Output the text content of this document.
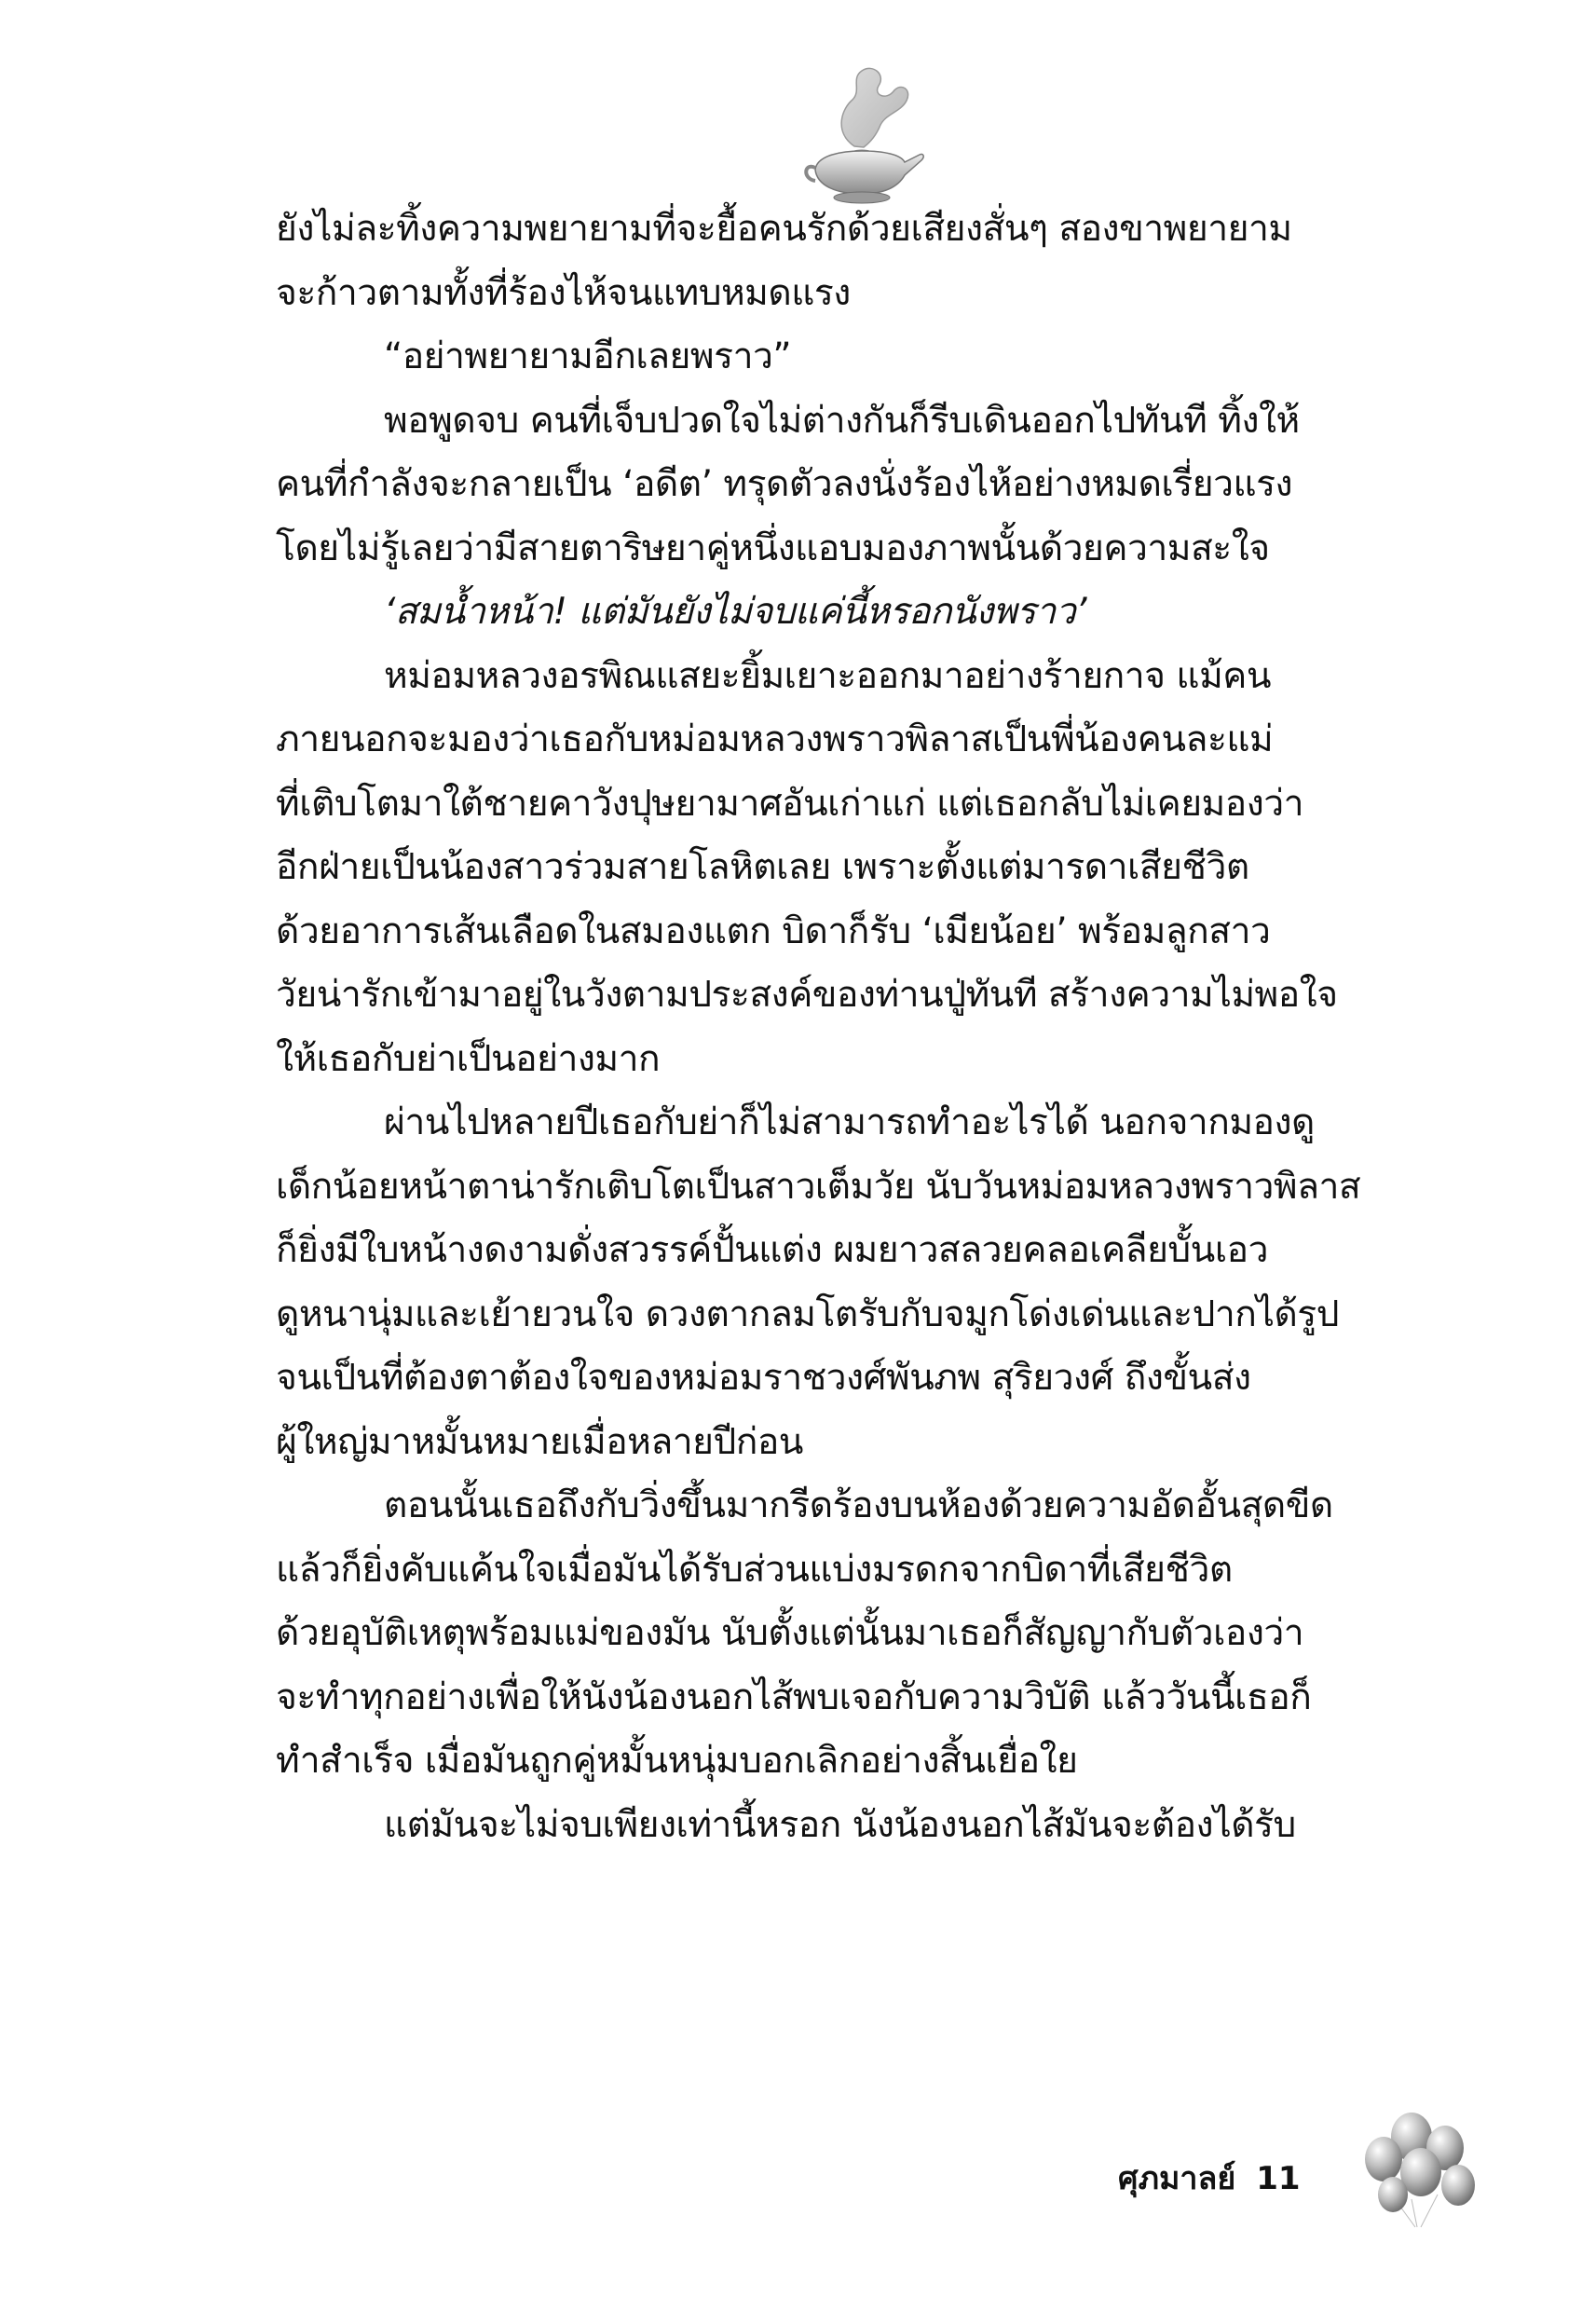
ยังไม่ละทิ้งความพยายามที่จะยื้อคนรักด้วยเสียงสั่นๆ สองขาพยายาม
จะก้าวตามทั้งที่ร้องไห้จนแทบหมดแรง
“อย่าพยายามอีกเลยพราว”
พอพูดจบ คนที่เจ็บปวดใจไม่ต่างกันก็รีบเดินออกไปทันที ทิ้งให้
คนที่กำลังจะกลายเป็น ‘อดีต’ ทรุดตัวลงนั่งร้องไห้อย่างหมดเรี่ยวแรง
โดยไม่รู้เลยว่ามีสายตาริษยาคู่หนึ่งแอบมองภาพนั้นด้วยความสะใจ
‘สมน้ำหน้า! แต่มันยังไม่จบแค่นี้หรอกนังพราว’
หม่อมหลวงอรพิณแสยะยิ้มเยาะออกมาอย่างร้ายกาจ แม้คน
ภายนอกจะมองว่าเธอกับหม่อมหลวงพราวพิลาสเป็นพี่น้องคนละแม่
ที่เติบโตมาใต้ชายคาวังปุษยามาศอันเก่าแก่ แต่เธอกลับไม่เคยมองว่า
อีกฝ่ายเป็นน้องสาวร่วมสายโลหิตเลย เพราะตั้งแต่มารดาเสียชีวิต
ด้วยอาการเส้นเลือดในสมองแตก บิดาก็รับ ‘เมียน้อย’ พร้อมลูกสาว
วัยน่ารักเข้ามาอยู่ในวังตามประสงค์ของท่านปู่ทันที สร้างความไม่พอใจ
ให้เธอกับย่าเป็นอย่างมาก
ผ่านไปหลายปีเธอกับย่าก็ไม่สามารถทำอะไรได้ นอกจากมองดู
เด็กน้อยหน้าตาน่ารักเติบโตเป็นสาวเต็มวัย นับวันหม่อมหลวงพราวพิลาส
ก็ยิ่งมีใบหน้างดงามดั่งสวรรค์ปั้นแต่ง ผมยาวสลวยคลอเคลียบั้นเอว
ดูหนานุ่มและเย้ายวนใจ ดวงตากลมโตรับกับจมูกโด่งเด่นและปากได้รูป
จนเป็นที่ต้องตาต้องใจของหม่อมราชวงศ์พันภพ สุริยวงศ์ ถึงขั้นส่ง
ผู้ใหญ่มาหมั้นหมายเมื่อหลายปีก่อน
ตอนนั้นเธอถึงกับวิ่งขึ้นมากรีดร้องบนห้องด้วยความอัดอั้นสุดขีด
แล้วก็ยิ่งคับแค้นใจเมื่อมันได้รับส่วนแบ่งมรดกจากบิดาที่เสียชีวิต
ด้วยอุบัติเหตุพร้อมแม่ของมัน นับตั้งแต่นั้นมาเธอก็สัญญากับตัวเองว่า
จะทำทุกอย่างเพื่อให้นังน้องนอกไส้พบเจอกับความวิบัติ แล้ววันนี้เธอก็
ทำสำเร็จ เมื่อมันถูกคู่หมั้นหนุ่มบอกเลิกอย่างสิ้นเยื่อใย
แต่มันจะไม่จบเพียงเท่านี้หรอก นังน้องนอกไส้มันจะต้องได้รับ
ศุภมาลย์ 11
